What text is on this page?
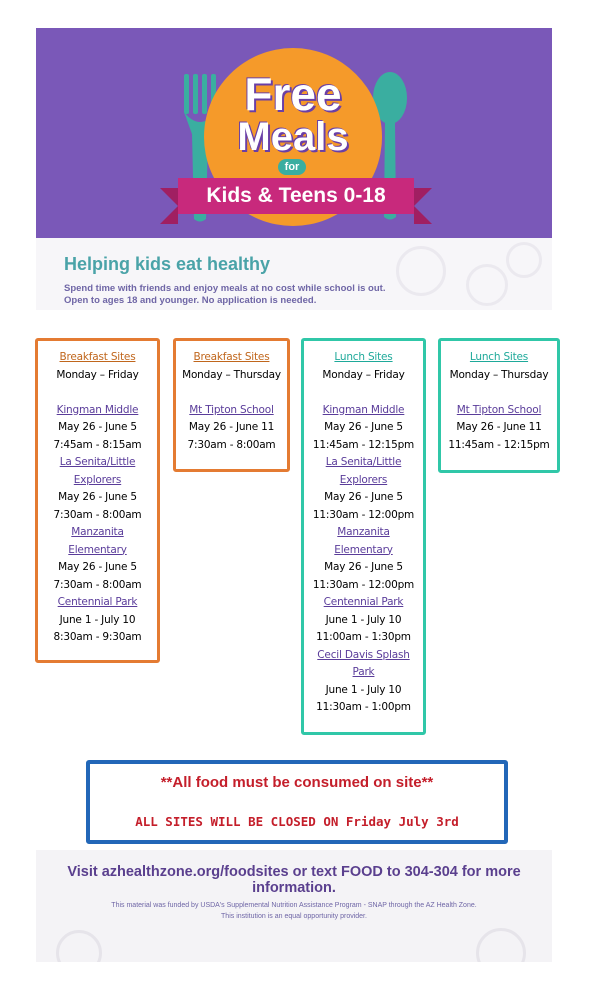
Free
Meals
for
Kids & Teens 0-18
Helping kids eat healthy
Spend time with friends and enjoy meals at no cost while school is out.
Open to ages 18 and younger. No application is needed.
Breakfast Sites
Monday – Friday
Kingman Middle
May 26 - June 5
7:45am - 8:15am
La Senita/Little
Explorers
May 26 - June 5
7:30am - 8:00am
Manzanita
Elementary
May 26 - June 5
7:30am - 8:00am
Centennial Park
June 1 - July 10
8:30am - 9:30am
Breakfast Sites
Monday – Thursday
Mt Tipton School
May 26 - June 11
7:30am - 8:00am
Lunch Sites
Monday – Friday
Kingman Middle
May 26 - June 5
11:45am - 12:15pm
La Senita/Little
Explorers
May 26 - June 5
11:30am - 12:00pm
Manzanita
Elementary
May 26 - June 5
11:30am - 12:00pm
Centennial Park
June 1 - July 10
11:00am - 1:30pm
Cecil Davis Splash
Park
June 1 - July 10
11:30am - 1:00pm
Lunch Sites
Monday – Thursday
Mt Tipton School
May 26 - June 11
11:45am - 12:15pm
**All food must be consumed on site**
ALL SITES WILL BE CLOSED ON Friday July 3rd
Visit azhealthzone.org/foodsites or text FOOD to 304-304 for more information.
This material was funded by USDA's Supplemental Nutrition Assistance Program - SNAP through the AZ Health Zone.
This institution is an equal opportunity provider.
